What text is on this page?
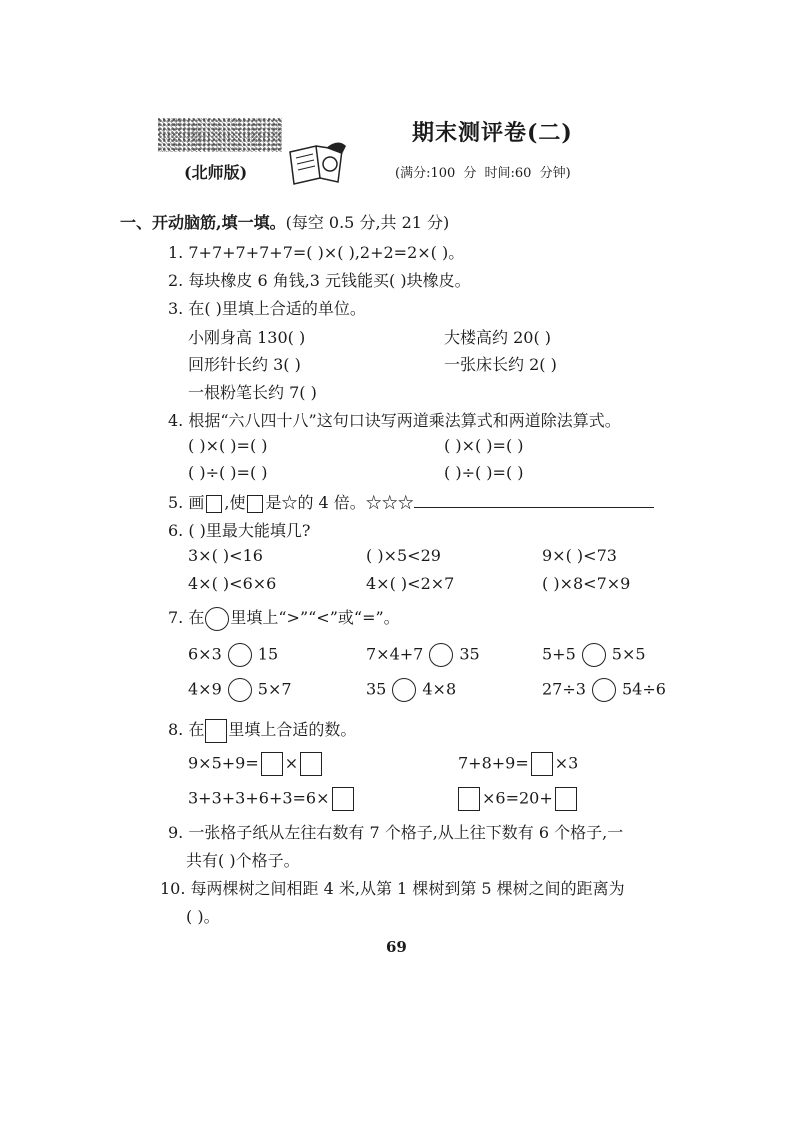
期末测评卷(二)
(北师版)	(满分:100 分 时间:60 分钟)
一、开动脑筋,填一填。(每空 0.5 分,共 21 分)
1. 7+7+7+7+7=( )×( ),2+2=2×( )。
2. 每块橡皮 6 角钱,3 元钱能买( )块橡皮。
3. 在( )里填上合适的单位。
小刚身高 130( )	大楼高约 20( )
回形针长约 3( )	一张床长约 2( )
一根粉笔长约 7( )
4. 根据“六八四十八”这句口诀写两道乘法算式和两道除法算式。
( )×( )=( )	( )×( )=( )
( )÷( )=( )	( )÷( )=( )
5. 画 ,使 是☆的 4 倍。☆☆☆
6. ( )里最大能填几?
3×( )<16	( )×5<29	9×( )<73
4×( )<6×6	4×( )<2×7	( )×8<7×9
7. 在 里填上“>”“<”或“=”。
6×3 15	7×4+7 35	5+5 5×5
4×9 5×7	35 4×8	27÷3 54÷6
8. 在 里填上合适的数。
9×5+9= ×	7+8+9= ×3
3+3+3+6+3=6×	×6=20+
9. 一张格子纸从左往右数有 7 个格子,从上往下数有 6 个格子,一
共有( )个格子。
10. 每两棵树之间相距 4 米,从第 1 棵树到第 5 棵树之间的距离为
( )。
69
